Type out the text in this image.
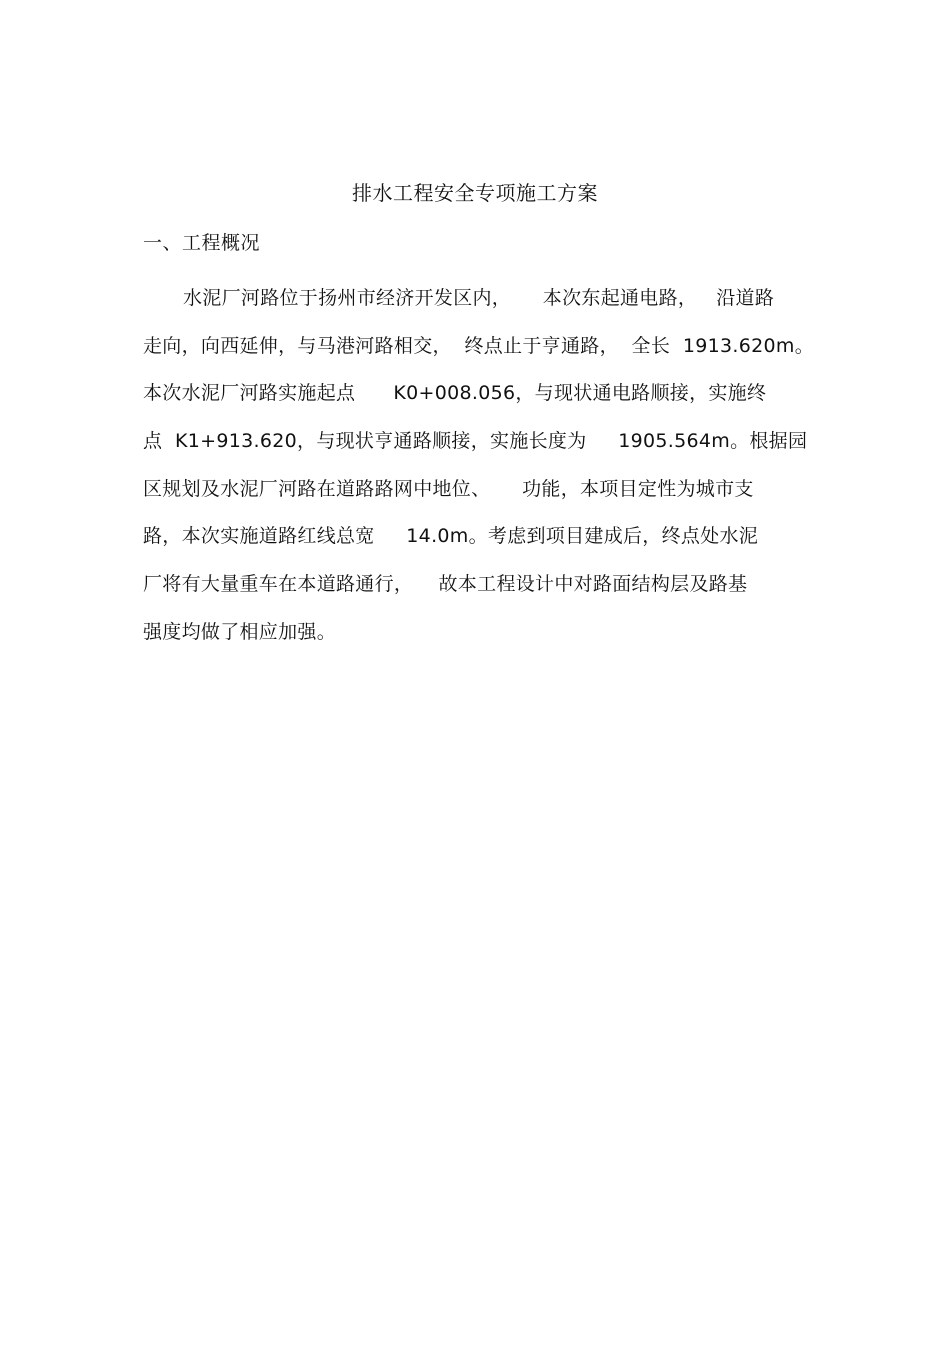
排水工程安全专项施工方案
一、工程概况
水泥厂河路位于扬州市经济开发区内，     本次东起通电路，   沿道路
走向，向西延伸，与马港河路相交，  终点止于亨通路，  全长  1913.620m。
本次水泥厂河路实施起点      K0+008.056，与现状通电路顺接，实施终
点  K1+913.620，与现状亨通路顺接，实施长度为     1905.564m。根据园
区规划及水泥厂河路在道路路网中地位、     功能，本项目定性为城市支
路，本次实施道路红线总宽     14.0m。考虑到项目建成后，终点处水泥
厂将有大量重车在本道路通行，    故本工程设计中对路面结构层及路基
强度均做了相应加强。
